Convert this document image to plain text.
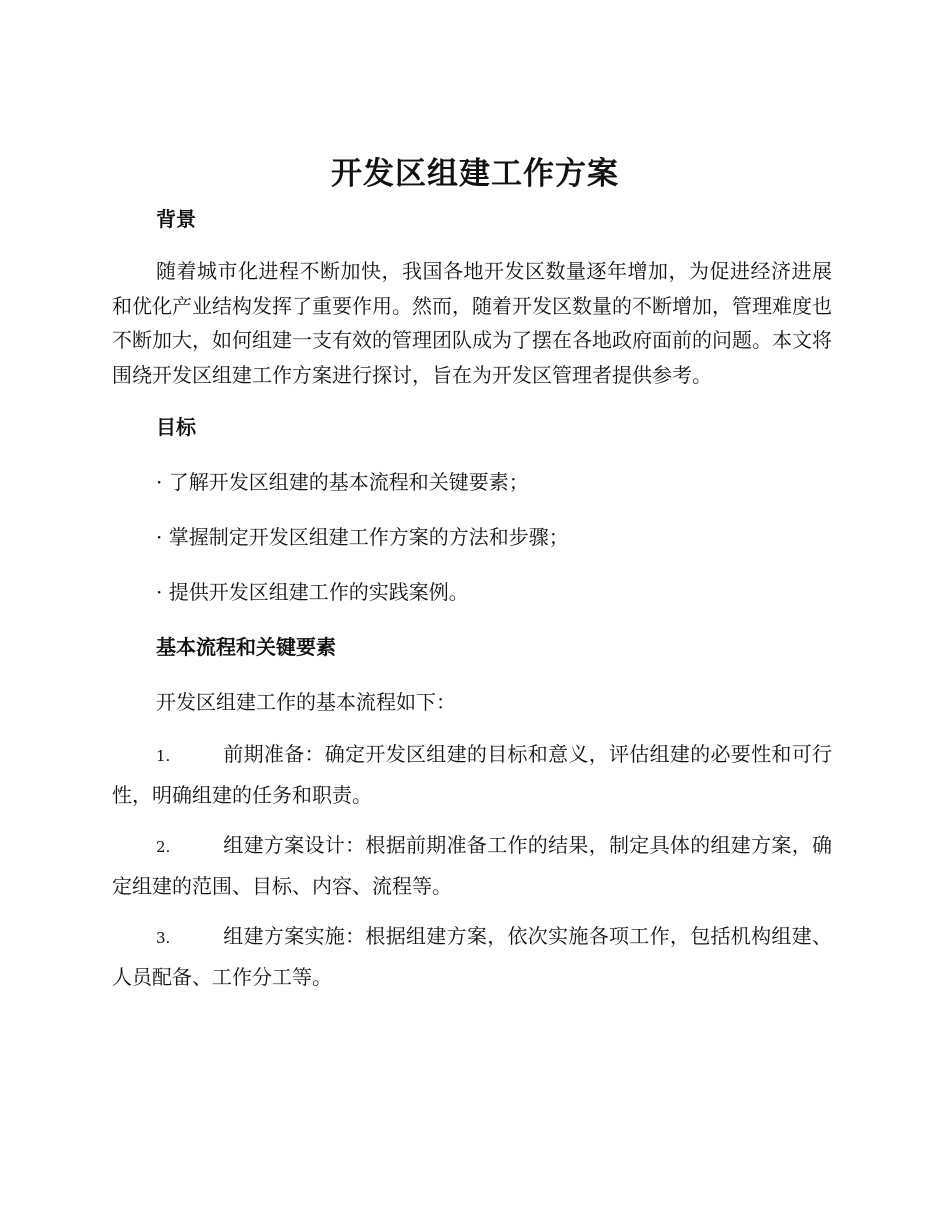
开发区组建工作方案
背景

随着城市化进程不断加快，我国各地开发区数量逐年增加，为促进经济进展和优化产业结构发挥了重要作用。然而，随着开发区数量的不断增加，管理难度也不断加大，如何组建一支有效的管理团队成为了摆在各地政府面前的问题。本文将围绕开发区组建工作方案进行探讨，旨在为开发区管理者提供参考。

目标

· 了解开发区组建的基本流程和关键要素；

· 掌握制定开发区组建工作方案的方法和步骤；

· 提供开发区组建工作的实践案例。

基本流程和关键要素

开发区组建工作的基本流程如下：

1.	前期准备：确定开发区组建的目标和意义，评估组建的必要性和可行性，明确组建的任务和职责。

2.	组建方案设计：根据前期准备工作的结果，制定具体的组建方案，确定组建的范围、目标、内容、流程等。

3.	组建方案实施：根据组建方案，依次实施各项工作，包括机构组建、人员配备、工作分工等。
